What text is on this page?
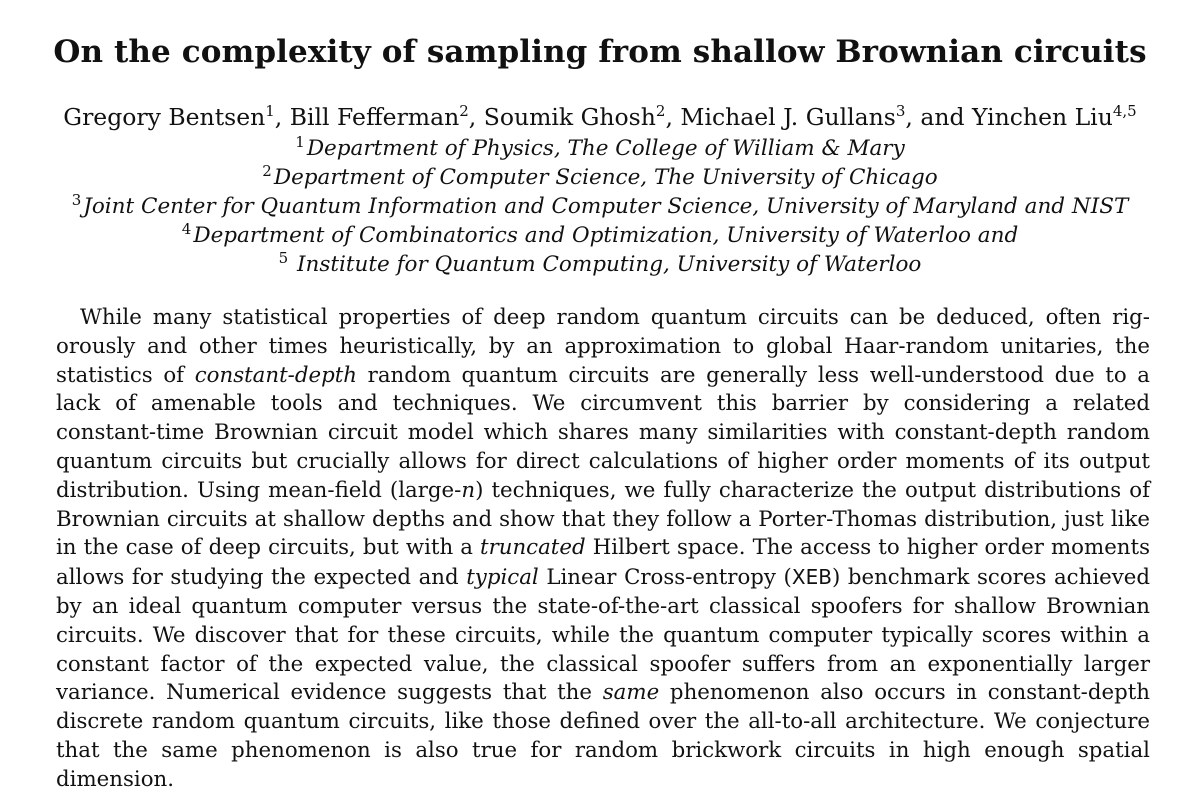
On the complexity of sampling from shallow Brownian circuits

Gregory Bentsen$^1$, Bill Fefferman$^2$, Soumik Ghosh$^2$, Michael J. Gullans$^3$, and Yinchen Liu$^{4,5}$

$^1$Department of Physics, The College of William & Mary
$^2$Department of Computer Science, The University of Chicago
$^3$Joint Center for Quantum Information and Computer Science, University of Maryland and NIST
$^4$Department of Combinatorics and Optimization, University of Waterloo and
$^5$ Institute for Quantum Computing, University of Waterloo

While many statistical properties of deep random quantum circuits can be deduced, often rigorously and other times heuristically, by an approximation to global Haar-random unitaries, the statistics of constant-depth random quantum circuits are generally less well-understood due to a lack of amenable tools and techniques. We circumvent this barrier by considering a related constant-time Brownian circuit model which shares many similarities with constant-depth random quantum circuits but crucially allows for direct calculations of higher order moments of its output distribution. Using mean-field (large-n) techniques, we fully characterize the output distributions of Brownian circuits at shallow depths and show that they follow a Porter-Thomas distribution, just like in the case of deep circuits, but with a truncated Hilbert space. The access to higher order moments allows for studying the expected and typical Linear Cross-entropy (XEB) benchmark scores achieved by an ideal quantum computer versus the state-of-the-art classical spoofers for shallow Brownian circuits. We discover that for these circuits, while the quantum computer typically scores within a constant factor of the expected value, the classical spoofer suffers from an exponentially larger variance. Numerical evidence suggests that the same phenomenon also occurs in constant-depth discrete random quantum circuits, like those defined over the all-to-all architecture. We conjecture that the same phenomenon is also true for random brickwork circuits in high enough spatial dimension.
